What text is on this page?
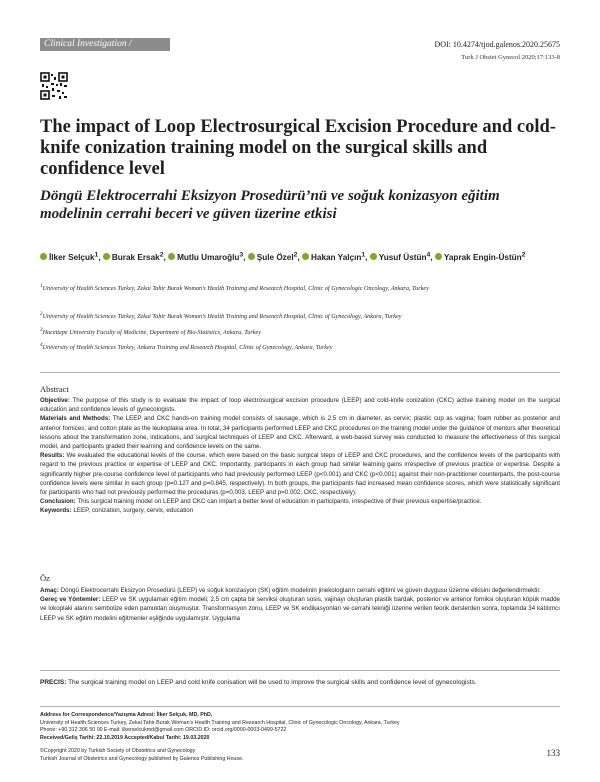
Clinical Investigation / Araştırma
DOI: 10.4274/tjod.galenos.2020.25675
Turk J Obstet Gynecol 2020;17:133-8
The impact of Loop Electrosurgical Excision Procedure and cold-knife conization training model on the surgical skills and confidence level
Döngü Elektrocerrahi Eksizyon Prosedürü’nü ve soğuk konizasyon eğitim modelinin cerrahi beceri ve güven üzerine etkisi
İlker Selçuk$^1$, Burak Ersak$^2$, Mutlu Umaroğlu$^3$, Şule Özel$^2$, Hakan Yalçın$^1$, Yusuf Üstün$^4$, Yaprak Engin-Üstün$^2$
$^1$University of Health Sciences Turkey, Zekai Tahir Burak Woman’s Health Training and Research Hospital, Clinic of Gynecologic Oncology, Ankara, Turkey
$^2$University of Health Sciences Turkey, Zekai Tahir Burak Woman’s Health Training and Research Hospital, Clinic of Gynecology, Ankara, Turkey
$^3$Hacettepe University Faculty of Medicine, Department of Bio-Statistics, Ankara, Turkey
$^4$University of Health Sciences Turkey, Ankara Training and Research Hospital, Clinic of Gynecology, Ankara, Turkey
Abstract

Objective: The purpose of this study is to evaluate the impact of loop electrosurgical excision procedure (LEEP) and cold-knife conization (CKC) active training model on the surgical education and confidence levels of gynecologists.

Materials and Methods: The LEEP and CKC hands-on training model consists of sausage, which is 2.5 cm in diameter, as cervix; plastic cup as vagina; foam rubber as posterior and anterior fornices; and cotton plate as the leukoplakia area. In total, 34 participants performed LEEP and CKC procedures on the training model under the guidance of mentors after theoretical lessons about the transformation zone, indications, and surgical techniques of LEEP and CKC. Afterward, a web-based survey was conducted to measure the effectiveness of this surgical model, and participants graded their learning and confidence levels on the same.

Results: We evaluated the educational levels of the course, which were based on the basic surgical steps of LEEP and CKC procedures, and the confidence levels of the participants with regard to the previous practice or expertise of LEEP and CKC. Importantly, participants in each group had similar learning gains irrespective of previous practice or expertise. Despite a significantly higher pre-course confidence level of participants who had previously performed LEEP (p<0.001) and CKC (p<0.001) against their non-practitioner counterparts, the post-course confidence levels were similar in each group (p=0.127 and p=0.845, respectively). In both groups, the participants had increased mean confidence scores, which were statistically significant for participants who had not previously performed the procedures (p=0.003, LEEP and p=0.002, CKC, respectively).

Conclusion: This surgical training model on LEEP and CKC can impart a better level of education in participants, irrespective of their previous expertise/practice.

Keywords: LEEP, conization, surgery, cervix, education

Öz

Amaç: Döngü Elektrocerrahi Eksizyon Prosedürü (LEEP) ve soğuk konizasyon (SK) eğitim modelinin jinekologların cerrahi eğitimi ve güven duygusu üzerine etkisini değerlendirmektir.

Gereç ve Yöntemler: LEEP ve SK uygulamalı eğitim modeli; 2,5 cm çapta bir serviksi oluşturan sosis, vajinayı oluşturan plastik bardak, posterior ve anterior forniksi oluşturan köpük madde ve lokoplaki alanını sembolize eden pamuktan oluşmuştur. Transformasyon zonu, LEEP ve SK endikasyonları ve cerrahi tekniği üzerine verilen teorik derslerden sonra, toplamda 34 katılımcı LEEP ve SK eğitim modelini eğitmenler eşliğinde uygulamıştır. Uygulama

PRECIS: The surgical training model on LEEP and cold knife conisation will be used to improve the surgical skills and confidence level of gynecologists.
Address for Correspondence/Yazışma Adresi: İlker Selçuk, MD, PhD,
University of Health Sciences Turkey, Zekai Tahir Burak Woman’s Health Training and Research Hospital, Clinic of Gynecologic Oncology, Ankara, Turkey
Phone: +90 312 306 50 00 E-mail: ilkerselcukmd@gmail.com ORCID ID: orcid.org/0000-0003-0499-5722
Received/Geliş Tarihi: 22.10.2019 Accepted/Kabul Tarihi: 19.03.2020
©Copyright 2020 by Turkish Society of Obstetrics and Gynecology
Turkish Journal of Obstetrics and Gynecology published by Galenos Publishing House.
133
